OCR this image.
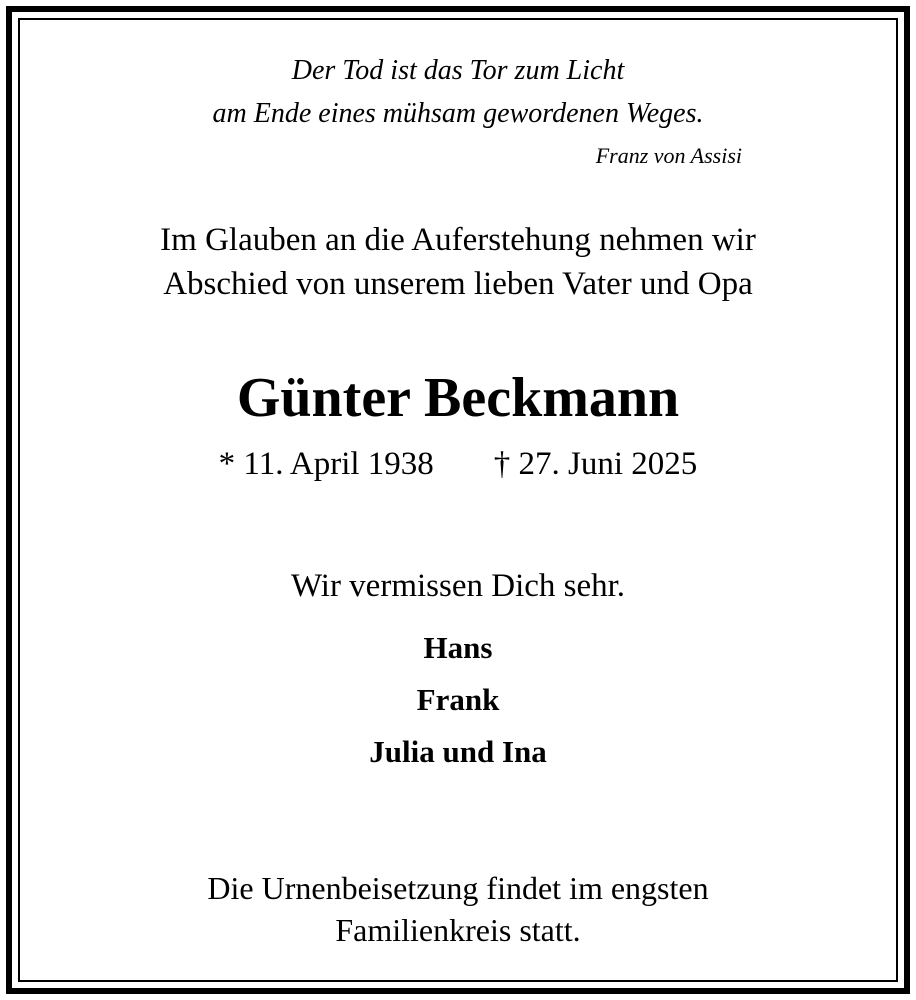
Der Tod ist das Tor zum Licht
am Ende eines mühsam gewordenen Weges.
Franz von Assisi
Im Glauben an die Auferstehung nehmen wir
Abschied von unserem lieben Vater und Opa
Günter Beckmann
* 11. April 1938 † 27. Juni 2025
Wir vermissen Dich sehr.
Hans
Frank
Julia und Ina
Die Urnenbeisetzung findet im engsten
Familienkreis statt.
